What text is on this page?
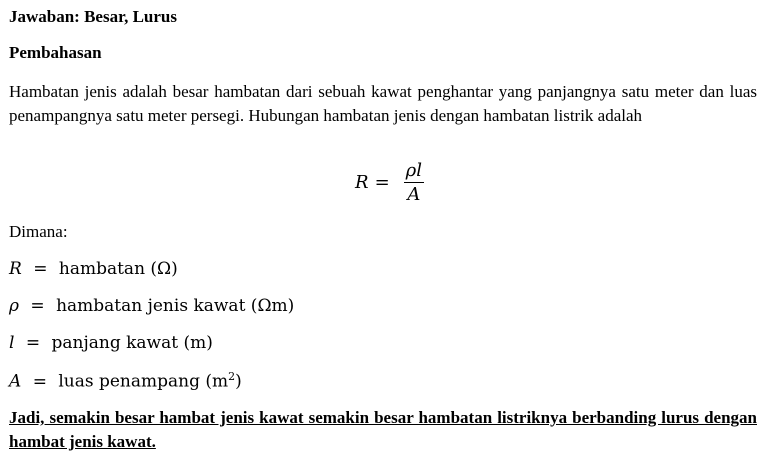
Jawaban: Besar, Lurus
Pembahasan
Hambatan jenis adalah besar hambatan dari sebuah kawat penghantar yang panjangnya satu meter dan luas penampangnya satu meter persegi. Hubungan hambatan jenis dengan hambatan listrik adalah
$R = \frac{\rho l}{A}$
Dimana:
R = hambatan (Ω)
ρ = hambatan jenis kawat (Ωm)
l = panjang kawat (m)
A = luas penampang $(m^2)$
Jadi, semakin besar hambat jenis kawat semakin besar hambatan listriknya berbanding lurus dengan hambat jenis kawat.
